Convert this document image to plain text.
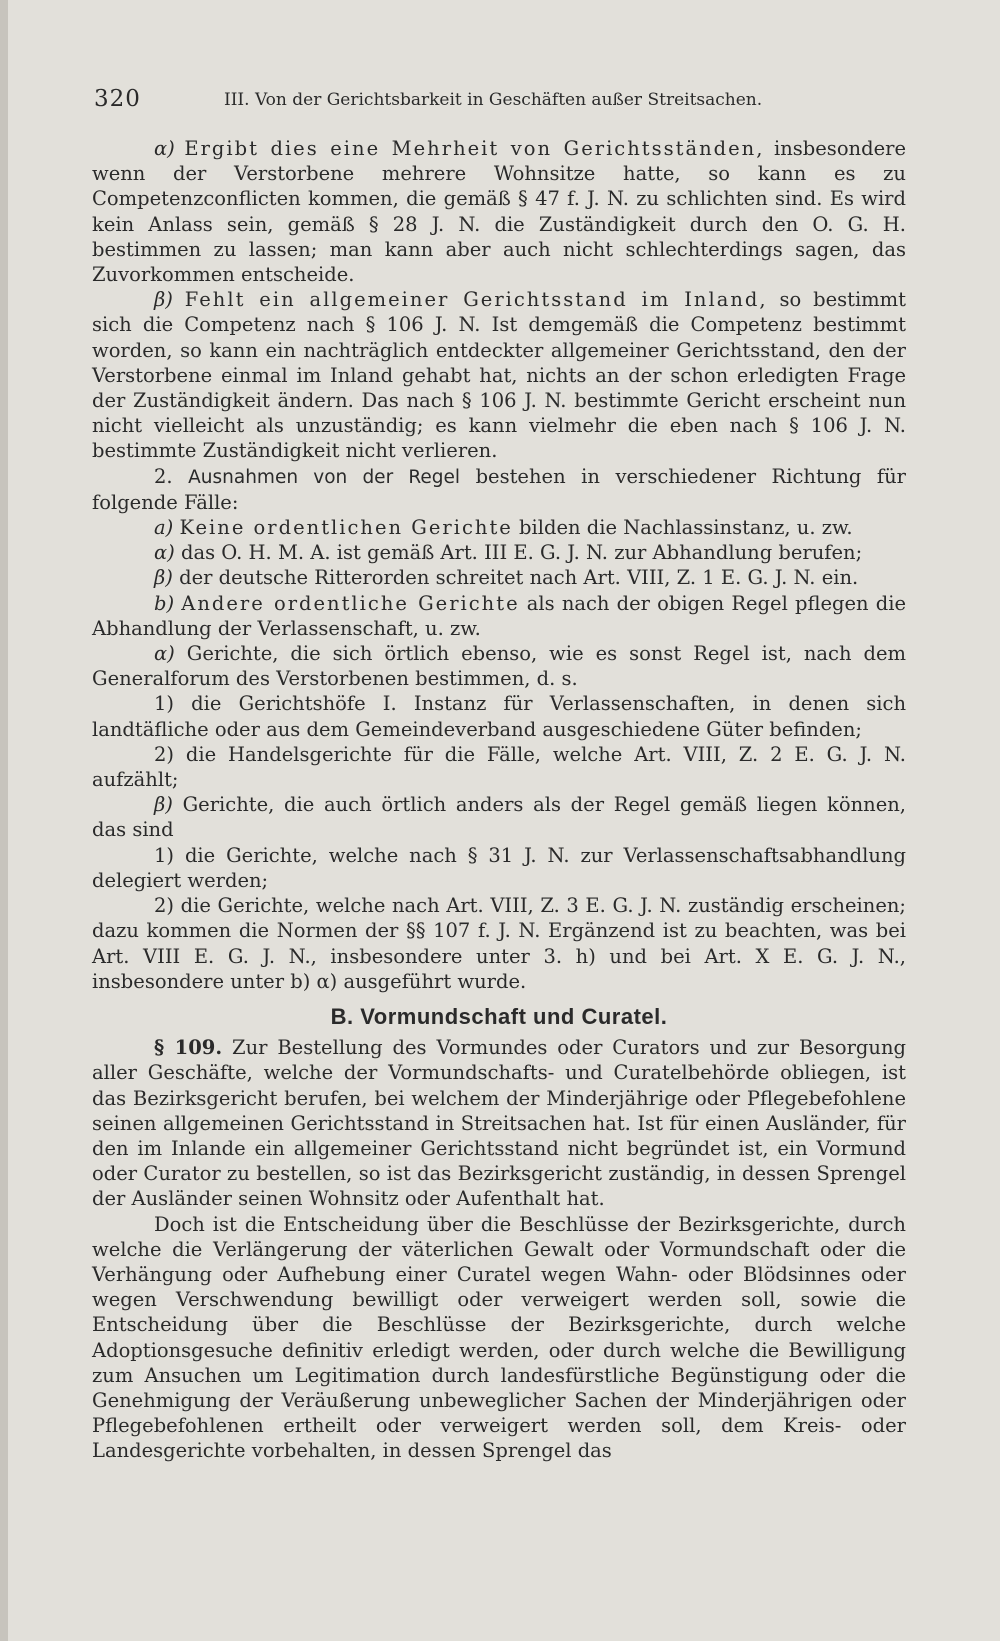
320	III. Von der Gerichtsbarkeit in Geschäften außer Streitsachen.

α) Ergibt dies eine Mehrheit von Gerichtsständen, insbesondere wenn der Verstorbene mehrere Wohnsitze hatte, so kann es zu Competenzconflicten kommen, die gemäß § 47 f. J. N. zu schlichten sind. Es wird kein Anlass sein, gemäß § 28 J. N. die Zuständigkeit durch den O. G. H. bestimmen zu lassen; man kann aber auch nicht schlechterdings sagen, das Zuvorkommen entscheide.

β) Fehlt ein allgemeiner Gerichtsstand im Inland, so bestimmt sich die Competenz nach § 106 J. N. Ist demgemäß die Competenz bestimmt worden, so kann ein nachträglich entdeckter allgemeiner Gerichtsstand, den der Verstorbene einmal im Inland gehabt hat, nichts an der schon erledigten Frage der Zuständigkeit ändern. Das nach § 106 J. N. bestimmte Gericht erscheint nun nicht vielleicht als unzuständig; es kann vielmehr die eben nach § 106 J. N. bestimmte Zuständigkeit nicht verlieren.

2. Ausnahmen von der Regel bestehen in verschiedener Richtung für folgende Fälle:

a) Keine ordentlichen Gerichte bilden die Nachlassinstanz, u. zw.

α) das O. H. M. A. ist gemäß Art. III E. G. J. N. zur Abhandlung berufen;

β) der deutsche Ritterorden schreitet nach Art. VIII, Z. 1 E. G. J. N. ein.

b) Andere ordentliche Gerichte als nach der obigen Regel pflegen die Abhandlung der Verlassenschaft, u. zw.

α) Gerichte, die sich örtlich ebenso, wie es sonst Regel ist, nach dem Generalforum des Verstorbenen bestimmen, d. s.

1) die Gerichtshöfe I. Instanz für Verlassenschaften, in denen sich landtäfliche oder aus dem Gemeindeverband ausgeschiedene Güter befinden;

2) die Handelsgerichte für die Fälle, welche Art. VIII, Z. 2 E. G. J. N. aufzählt;

β) Gerichte, die auch örtlich anders als der Regel gemäß liegen können, das sind

1) die Gerichte, welche nach § 31 J. N. zur Verlassenschaftsabhandlung delegiert werden;

2) die Gerichte, welche nach Art. VIII, Z. 3 E. G. J. N. zuständig erscheinen; dazu kommen die Normen der §§ 107 f. J. N. Ergänzend ist zu beachten, was bei Art. VIII E. G. J. N., insbesondere unter 3. h) und bei Art. X E. G. J. N., insbesondere unter b) α) ausgeführt wurde.

B. Vormundschaft und Curatel.

§ 109. Zur Bestellung des Vormundes oder Curators und zur Besorgung aller Geschäfte, welche der Vormundschafts- und Curatelbehörde obliegen, ist das Bezirksgericht berufen, bei welchem der Minderjährige oder Pflegebefohlene seinen allgemeinen Gerichtsstand in Streitsachen hat. Ist für einen Ausländer, für den im Inlande ein allgemeiner Gerichtsstand nicht begründet ist, ein Vormund oder Curator zu bestellen, so ist das Bezirksgericht zuständig, in dessen Sprengel der Ausländer seinen Wohnsitz oder Aufenthalt hat.

Doch ist die Entscheidung über die Beschlüsse der Bezirksgerichte, durch welche die Verlängerung der väterlichen Gewalt oder Vormundschaft oder die Verhängung oder Aufhebung einer Curatel wegen Wahn- oder Blödsinnes oder wegen Verschwendung bewilligt oder verweigert werden soll, sowie die Entscheidung über die Beschlüsse der Bezirksgerichte, durch welche Adoptionsgesuche definitiv erledigt werden, oder durch welche die Bewilligung zum Ansuchen um Legitimation durch landesfürstliche Begünstigung oder die Genehmigung der Veräußerung unbeweglicher Sachen der Minderjährigen oder Pflegebefohlenen ertheilt oder verweigert werden soll, dem Kreis- oder Landesgerichte vorbehalten, in dessen Sprengel das
